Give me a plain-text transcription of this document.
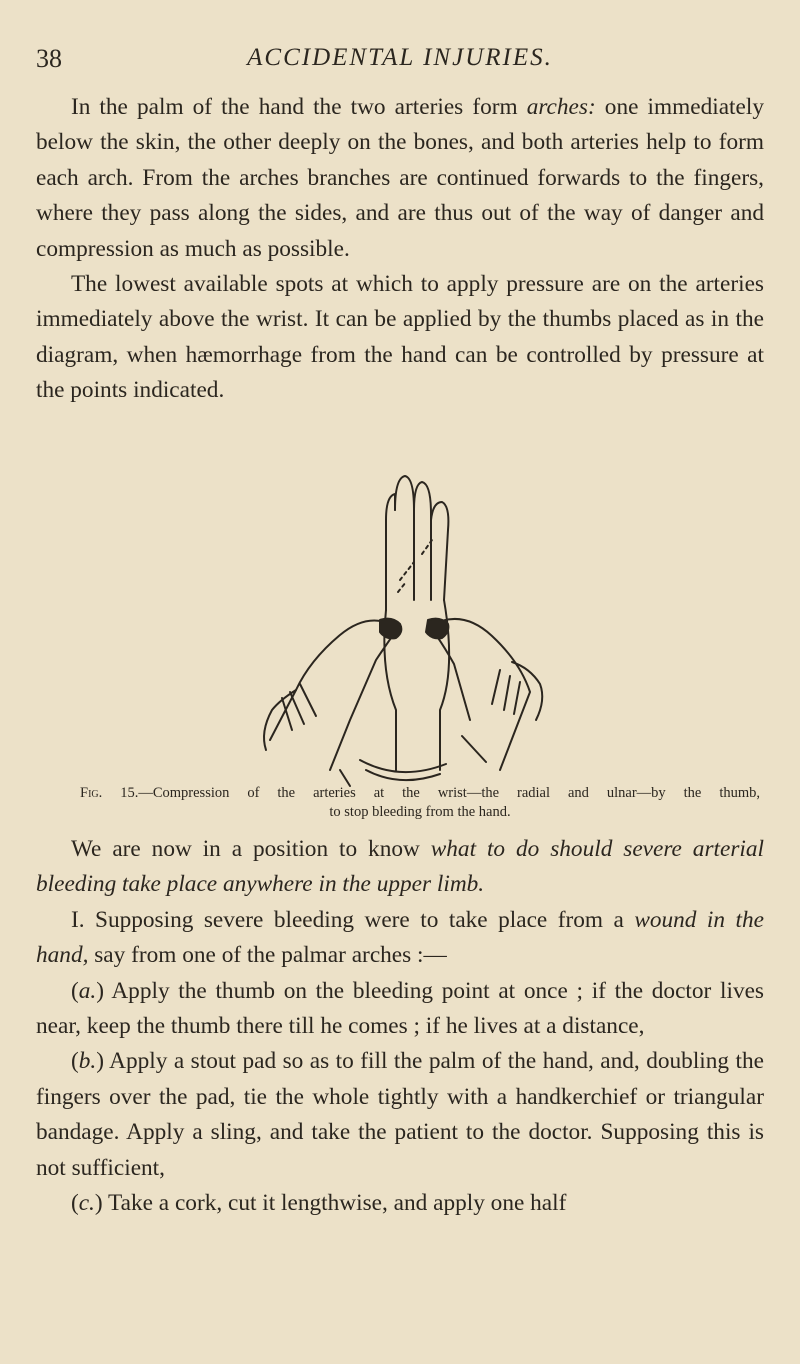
38	ACCIDENTAL INJURIES.

In the palm of the hand the two arteries form arches: one immediately below the skin, the other deeply on the bones, and both arteries help to form each arch. From the arches branches are continued forwards to the fingers, where they pass along the sides, and are thus out of the way of danger and compression as much as possible.

The lowest available spots at which to apply pressure are on the arteries immediately above the wrist. It can be applied by the thumbs placed as in the diagram, when hæmorrhage from the hand can be controlled by pressure at the points indicated.

Fig. 15.—Compression of the arteries at the wrist—the radial and ulnar—by the thumb,
to stop bleeding from the hand.

We are now in a position to know what to do should severe arterial bleeding take place anywhere in the upper limb.

I. Supposing severe bleeding were to take place from a wound in the hand, say from one of the palmar arches :—

(a.) Apply the thumb on the bleeding point at once ; if the doctor lives near, keep the thumb there till he comes ; if he lives at a distance,

(b.) Apply a stout pad so as to fill the palm of the hand, and, doubling the fingers over the pad, tie the whole tightly with a handkerchief or triangular bandage. Apply a sling, and take the patient to the doctor. Supposing this is not sufficient,

(c.) Take a cork, cut it lengthwise, and apply one half
